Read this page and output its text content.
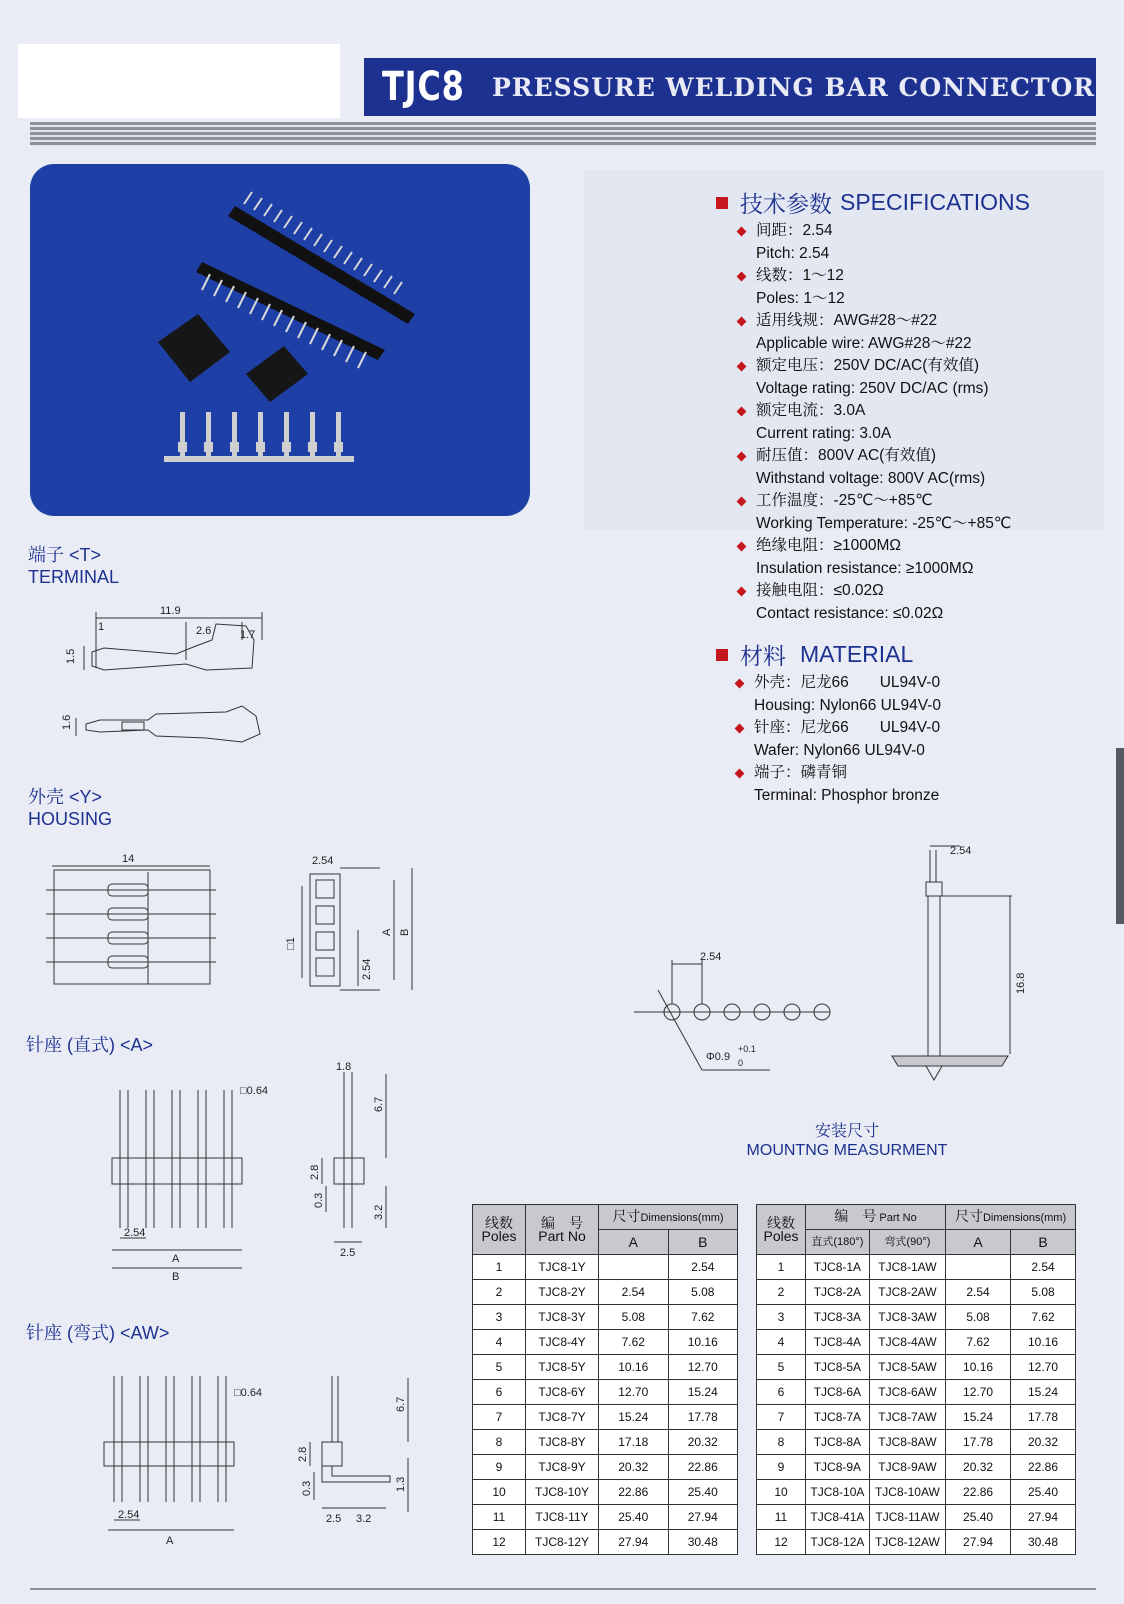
TJC8 PRESSURE WELDING BAR CONNECTOR
技术参数 SPECIFICATIONS
间距：2.54
Pitch: 2.54
线数：1～12
Poles: 1～12
适用线规：AWG#28～#22
Applicable wire: AWG#28～#22
额定电压：250V DC/AC(有效值)
Voltage rating: 250V DC/AC (rms)
额定电流：3.0A
Current rating: 3.0A
耐压值：800V AC(有效值)
Withstand voltage: 800V AC(rms)
工作温度：-25℃～+85℃
Working Temperature: -25℃～+85℃
绝缘电阻：≥1000MΩ
Insulation resistance: ≥1000MΩ
接触电阻：≤0.02Ω
Contact resistance: ≤0.02Ω
材料 MATERIAL
外壳：尼龙66　　UL94V-0
Housing: Nylon66 UL94V-0
针座：尼龙66　　UL94V-0
Wafer: Nylon66 UL94V-0
端子：磷青铜
Terminal: Phosphor bronze
端子 <T>
TERMINAL
外壳 <Y>
HOUSING
针座 (直式) <A>
针座 (弯式) <AW>
11.9
1	2.6	1.7
1.5
1.6
14	2.54
□1
2.54
A B
□0.64
1.8
6.7
2.8
0.3
3.2
2.5
2.54
A
B
□0.64
6.7
2.8
0.3	1.3
2.5 3.2
2.54
A
2.54
Φ0.9
+0.1
0
2.54
16.8
安装尺寸
MOUNTNG MEASURMENT
线数
Poles	编　号
Part No	尺寸Dimensions(mm)	
		A	B
1	TJC8-1Y		2.54
2	TJC8-2Y	2.54	5.08
3	TJC8-3Y	5.08	7.62
4	TJC8-4Y	7.62	10.16
5	TJC8-5Y	10.16	12.70
6	TJC8-6Y	12.70	15.24
7	TJC8-7Y	15.24	17.78
8	TJC8-8Y	17.18	20.32
9	TJC8-9Y	20.32	22.86
10	TJC8-10Y	22.86	25.40
11	TJC8-11Y	25.40	27.94
12	TJC8-12Y	27.94	30.48
线数
Poles	编　号 Part No		尺寸Dimensions(mm)	
	直式(180°)	弯式(90°)	A	B
1	TJC8-1A	TJC8-1AW		2.54
2	TJC8-2A	TJC8-2AW	2.54	5.08
3	TJC8-3A	TJC8-3AW	5.08	7.62
4	TJC8-4A	TJC8-4AW	7.62	10.16
5	TJC8-5A	TJC8-5AW	10.16	12.70
6	TJC8-6A	TJC8-6AW	12.70	15.24
7	TJC8-7A	TJC8-7AW	15.24	17.78
8	TJC8-8A	TJC8-8AW	17.78	20.32
9	TJC8-9A	TJC8-9AW	20.32	22.86
10	TJC8-10A	TJC8-10AW	22.86	25.40
11	TJC8-41A	TJC8-11AW	25.40	27.94
12	TJC8-12A	TJC8-12AW	27.94	30.48
